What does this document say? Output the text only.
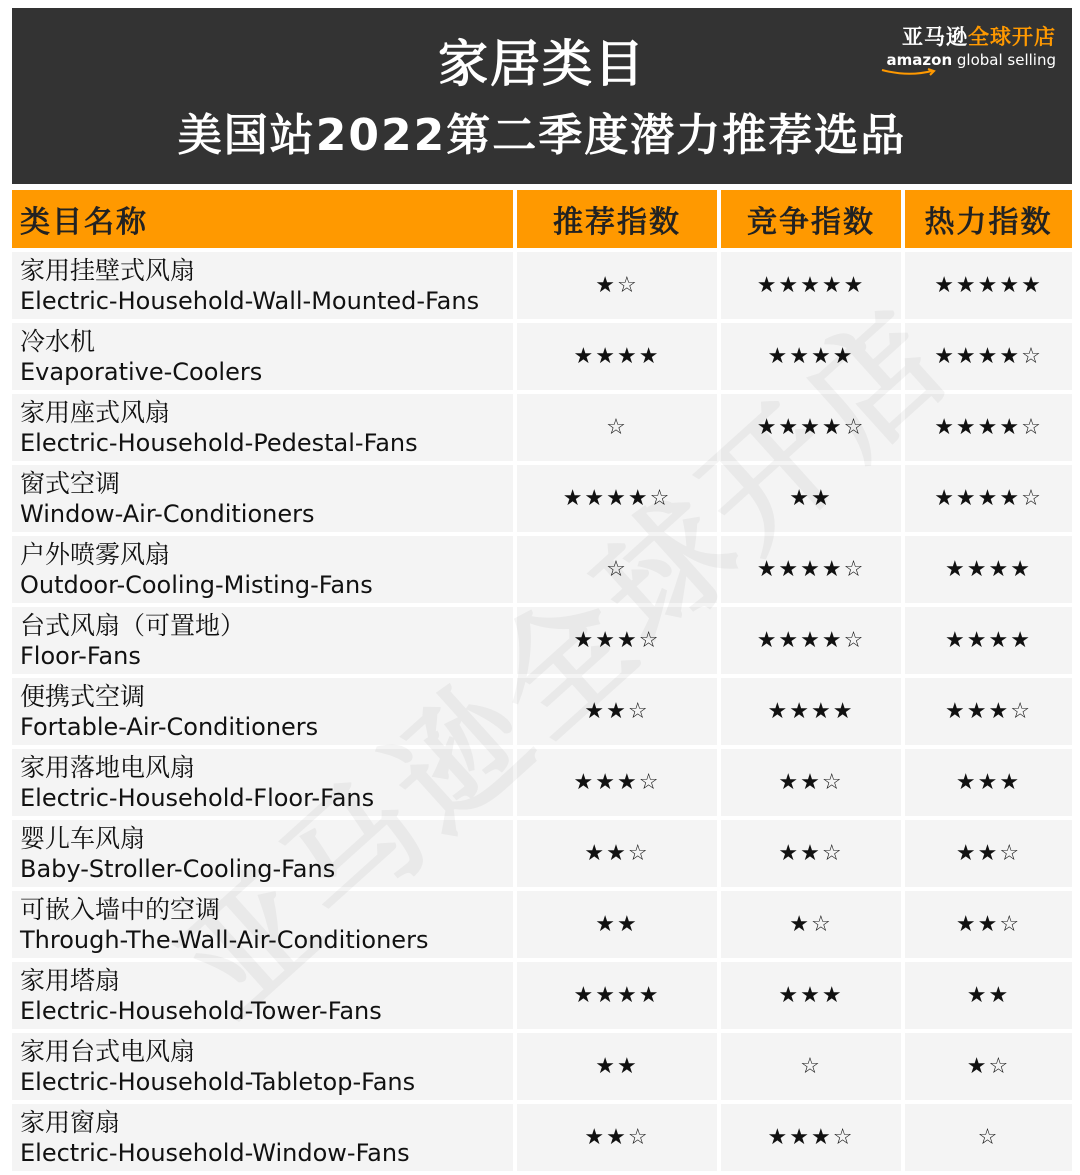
家居类目
美国站2022第二季度潜力推荐选品
亚马逊全球开店
amazon global selling
类目名称	推荐指数	竞争指数	热力指数

家用挂壁式风扇
Electric-Household-Wall-Mounted-Fans	★☆	★★★★★	★★★★★

冷水机
Evaporative-Coolers	★★★★	★★★★	★★★★☆

家用座式风扇
Electric-Household-Pedestal-Fans	☆	★★★★☆	★★★★☆

窗式空调
Window-Air-Conditioners	★★★★☆	★★	★★★★☆

户外喷雾风扇
Outdoor-Cooling-Misting-Fans	☆	★★★★☆	★★★★

台式风扇（可置地）
Floor-Fans	★★★☆	★★★★☆	★★★★

便携式空调
Fortable-Air-Conditioners	★★☆	★★★★	★★★☆

家用落地电风扇
Electric-Household-Floor-Fans	★★★☆	★★☆	★★★

婴儿车风扇
Baby-Stroller-Cooling-Fans	★★☆	★★☆	★★☆

可嵌入墙中的空调
Through-The-Wall-Air-Conditioners	★★	★☆	★★☆

家用塔扇
Electric-Household-Tower-Fans	★★★★	★★★	★★

家用台式电风扇
Electric-Household-Tabletop-Fans	★★	☆	★☆

家用窗扇
Electric-Household-Window-Fans	★★☆	★★★☆	☆
